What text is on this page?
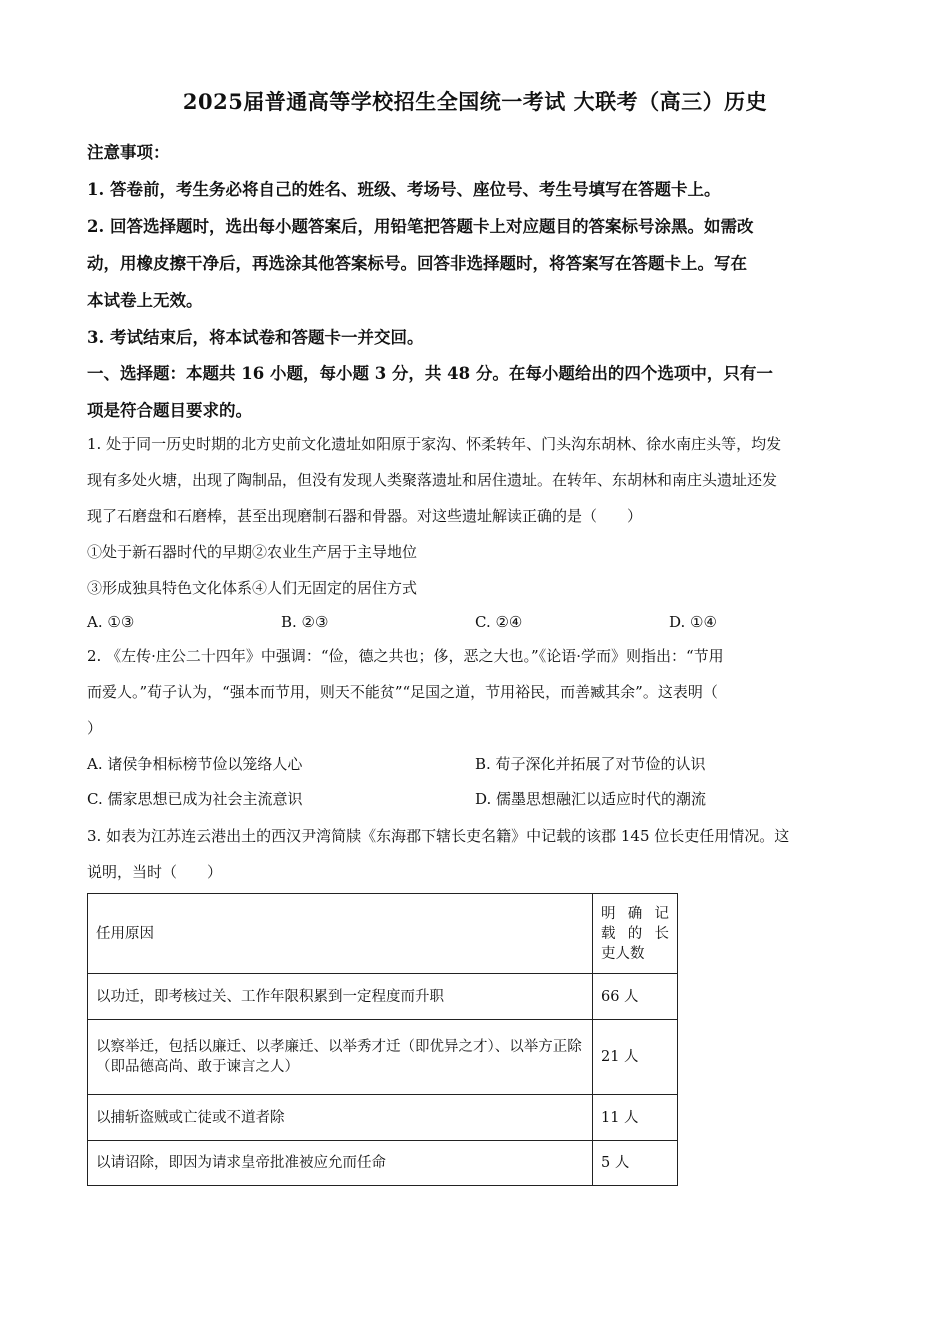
2025届普通高等学校招生全国统一考试 大联考（高三）历史
注意事项：
1. 答卷前，考生务必将自己的姓名、班级、考场号、座位号、考生号填写在答题卡上。
2. 回答选择题时，选出每小题答案后，用铅笔把答题卡上对应题目的答案标号涂黑。如需改
动，用橡皮擦干净后，再选涂其他答案标号。回答非选择题时，将答案写在答题卡上。写在
本试卷上无效。
3. 考试结束后，将本试卷和答题卡一并交回。
一、选择题：本题共 16 小题，每小题 3 分，共 48 分。在每小题给出的四个选项中，只有一
项是符合题目要求的。
1. 处于同一历史时期的北方史前文化遗址如阳原于家沟、怀柔转年、门头沟东胡林、徐水南庄头等，均发
现有多处火塘，出现了陶制品，但没有发现人类聚落遗址和居住遗址。在转年、东胡林和南庄头遗址还发
现了石磨盘和石磨棒，甚至出现磨制石器和骨器。对这些遗址解读正确的是（　　）
①处于新石器时代的早期②农业生产居于主导地位
③形成独具特色文化体系④人们无固定的居住方式
A. ①③	B. ②③	C. ②④	D. ①④
2. 《左传·庄公二十四年》中强调：“俭，德之共也；侈，恶之大也。”《论语·学而》则指出：“节用
而爱人。”荀子认为，“强本而节用，则天不能贫”“足国之道，节用裕民，而善臧其余”。这表明（
）
A. 诸侯争相标榜节俭以笼络人心	B. 荀子深化并拓展了对节俭的认识
C. 儒家思想已成为社会主流意识	D. 儒墨思想融汇以适应时代的潮流
3. 如表为江苏连云港出土的西汉尹湾简牍《东海郡下辖长吏名籍》中记载的该郡 145 位长吏任用情况。这
说明，当时（　　）
任用原因	明 确 记
载 的 长
吏人数

以功迁，即考核过关、工作年限积累到一定程度而升职	66 人
以察举迁，包括以廉迁、以孝廉迁、以举秀才迁（即优异之才）、以举方正除（即品德高尚、敢于谏言之人）	21 人
以捕斩盗贼或亡徒或不道者除	11 人
以请诏除，即因为请求皇帝批准被应允而任命	5 人
